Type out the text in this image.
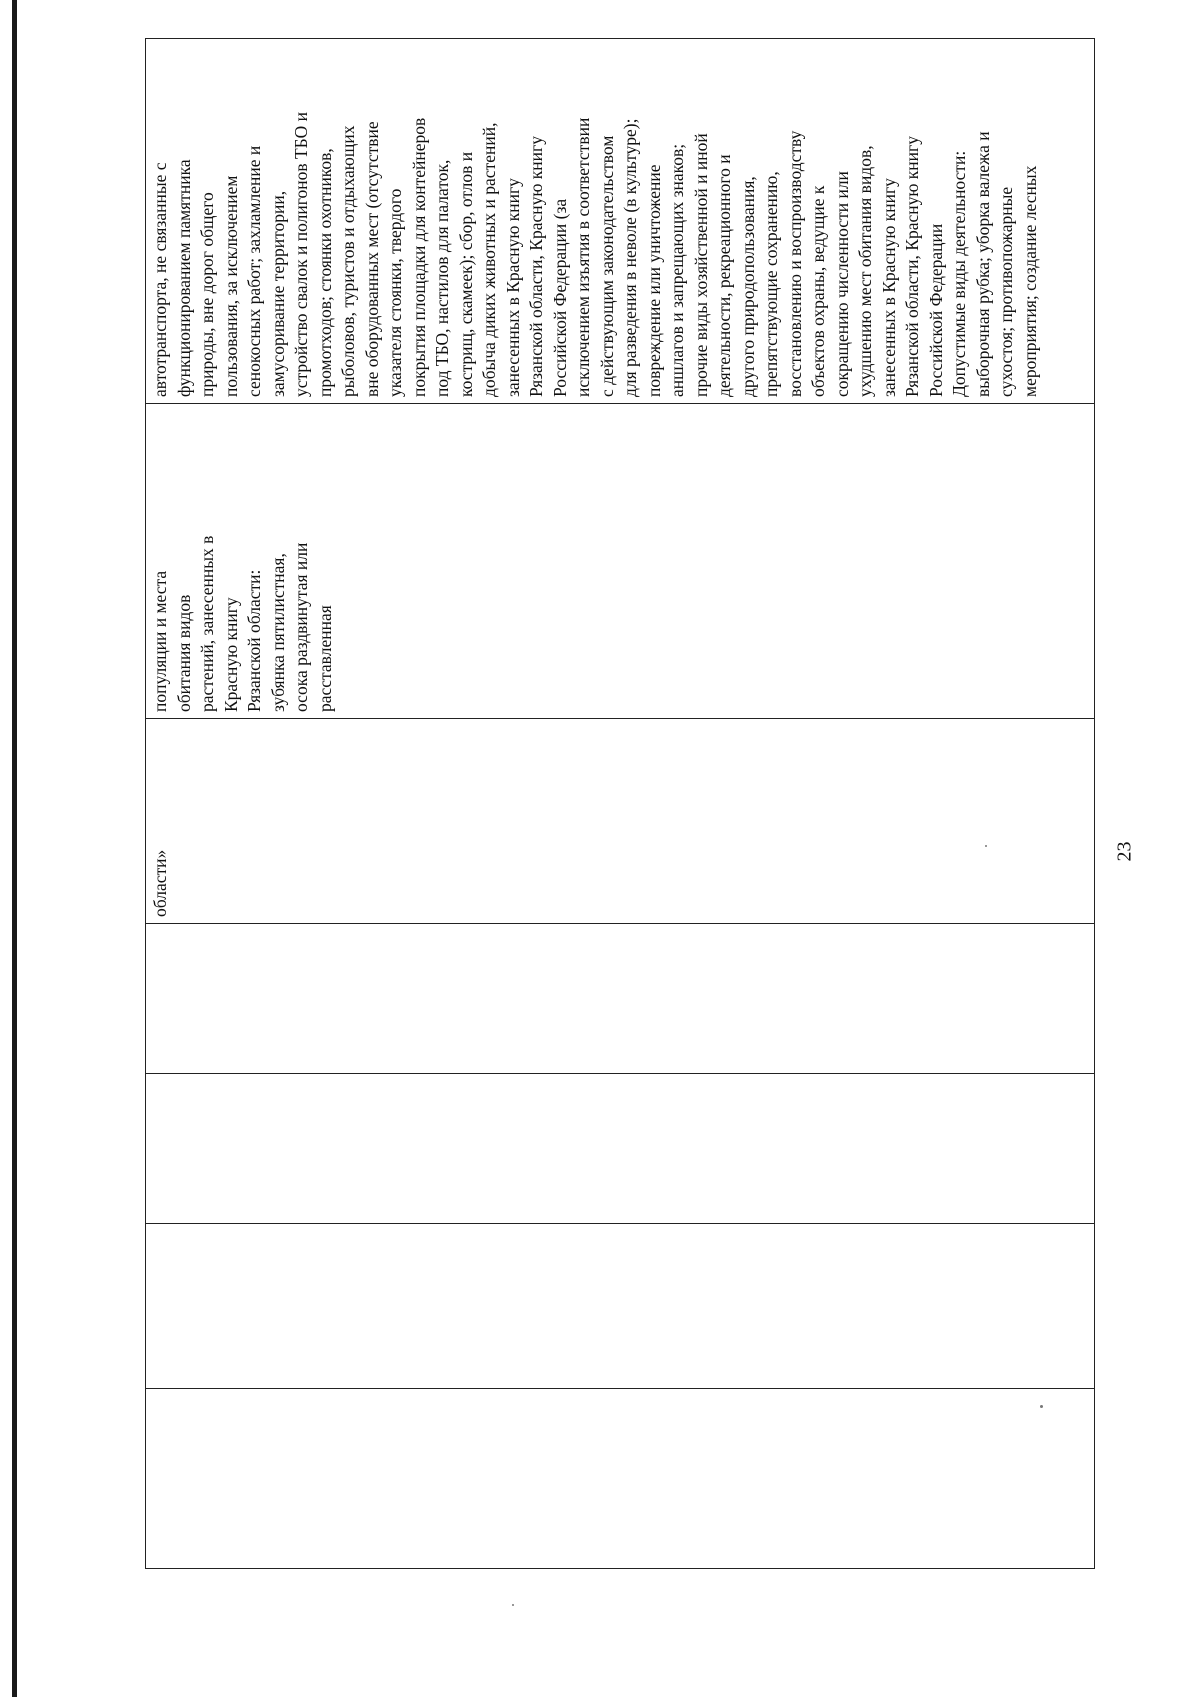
области»

популяции и места
обитания видов
растений, занесенных в
Красную книгу
Рязанской области:
зубянка пятилистная,
осока раздвинутая или
расставленная

автотранспорта, не связанные с
функционированием памятника
природы, вне дорог общего
пользования, за исключением
сенокосных работ; захламление и
замусоривание территории,
устройство свалок и полигонов ТБО и
промотходов; стоянки охотников,
рыболовов, туристов и отдыхающих
вне оборудованных мест (отсутствие
указателя стоянки, твердого
покрытия площадки для контейнеров
под ТБО, настилов для палаток,
кострищ, скамеек); сбор, отлов и
добыча диких животных и растений,
занесенных в Красную книгу
Рязанской области, Красную книгу
Российской Федерации (за
исключением изъятия в соответствии
с действующим законодательством
для разведения в неволе (в культуре);
повреждение или уничтожение
аншлагов и запрещающих знаков;
прочие виды хозяйственной и иной
деятельности, рекреационного и
другого природопользования,
препятствующие сохранению,
восстановлению и воспроизводству
объектов охраны, ведущие к
сокращению численности или
ухудшению мест обитания видов,
занесенных в Красную книгу
Рязанской области, Красную книгу
Российской Федерации
Допустимые виды деятельности:
выборочная рубка; уборка валежа и
сухостоя; противопожарные
мероприятия; создание лесных
23
